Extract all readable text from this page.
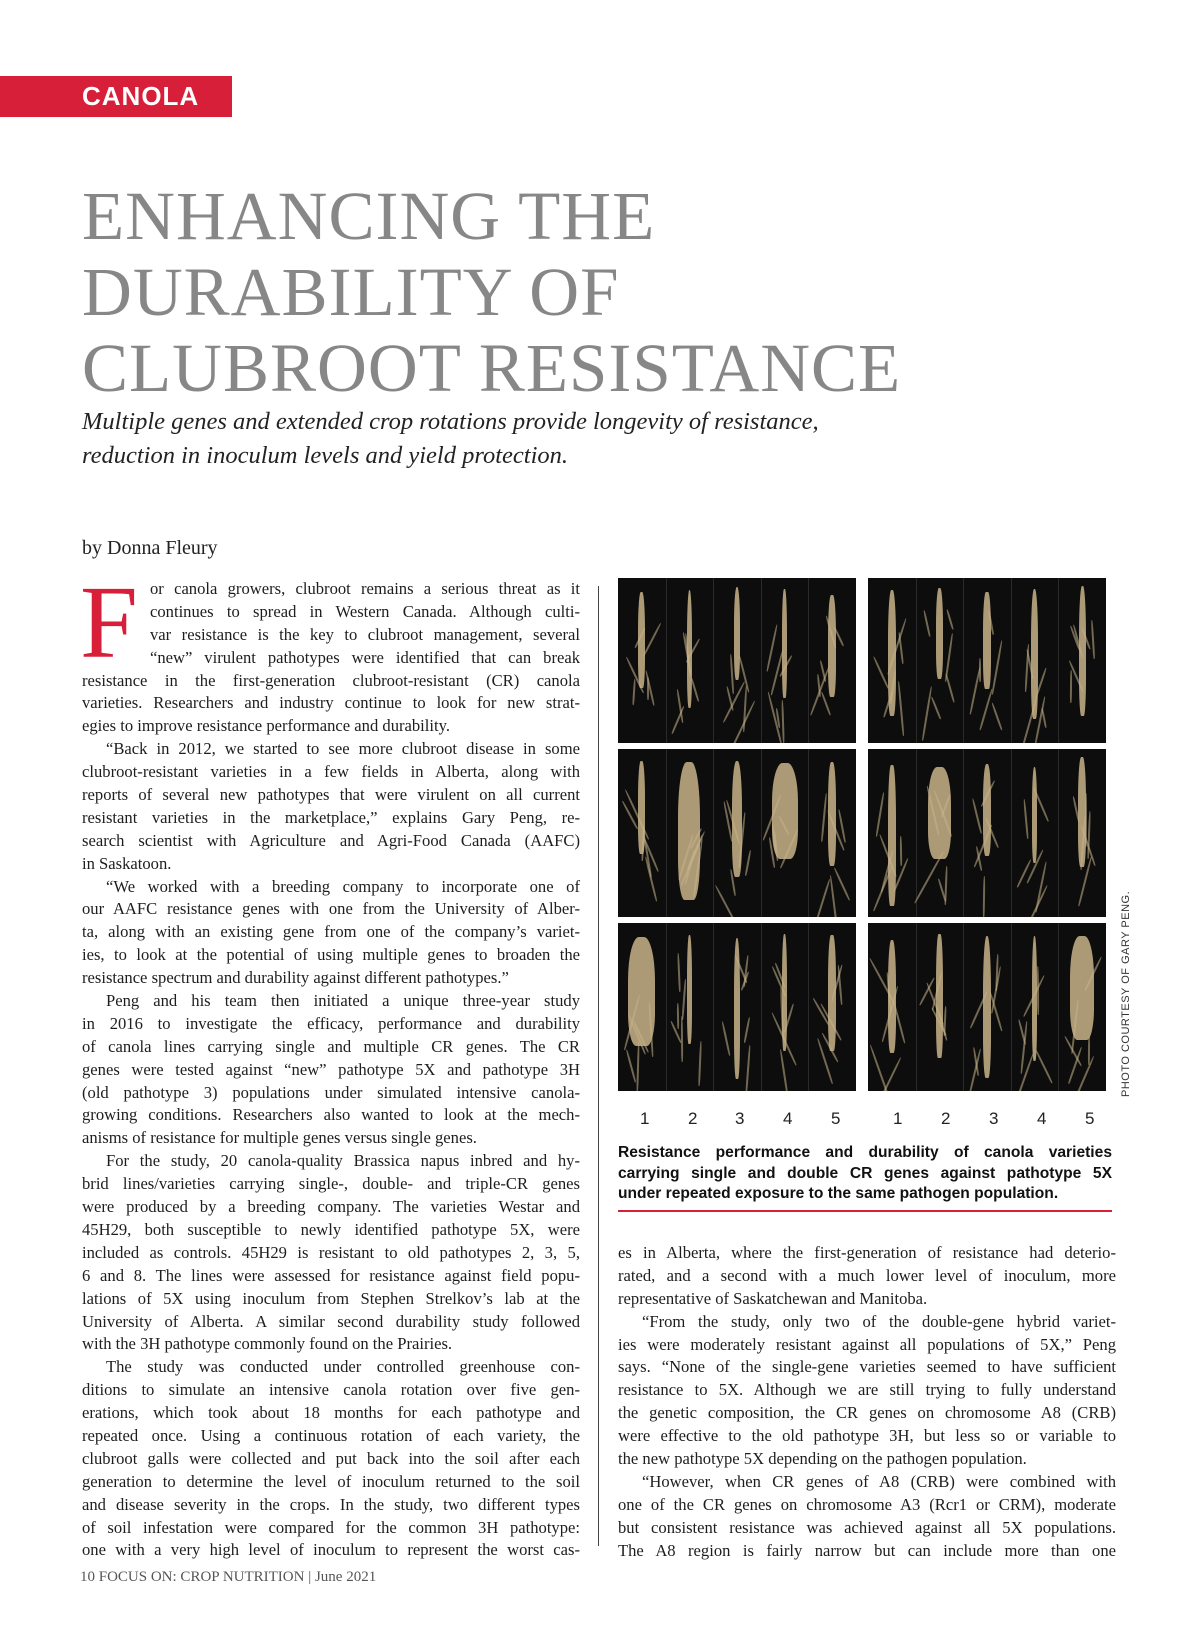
CANOLA
ENHANCING THE
DURABILITY OF
CLUBROOT RESISTANCE
Multiple genes and extended crop rotations provide longevity of resistance,
reduction in inoculum levels and yield protection.
by Donna Fleury
F or canola growers, clubroot remains a serious threat as it
continues to spread in Western Canada. Although culti-
var resistance is the key to clubroot management, several
“new” virulent pathotypes were identified that can break
resistance in the first-generation clubroot-resistant (CR) canola
varieties. Researchers and industry continue to look for new strat-
egies to improve resistance performance and durability.
“Back in 2012, we started to see more clubroot disease in some
clubroot-resistant varieties in a few fields in Alberta, along with
reports of several new pathotypes that were virulent on all current
resistant varieties in the marketplace,” explains Gary Peng, re-
search scientist with Agriculture and Agri-Food Canada (AAFC)
in Saskatoon.
“We worked with a breeding company to incorporate one of
our AAFC resistance genes with one from the University of Alber-
ta, along with an existing gene from one of the company’s variet-
ies, to look at the potential of using multiple genes to broaden the
resistance spectrum and durability against different pathotypes.”
Peng and his team then initiated a unique three-year study
in 2016 to investigate the efficacy, performance and durability
of canola lines carrying single and multiple CR genes. The CR
genes were tested against “new” pathotype 5X and pathotype 3H
(old pathotype 3) populations under simulated intensive canola-
growing conditions. Researchers also wanted to look at the mech-
anisms of resistance for multiple genes versus single genes.
For the study, 20 canola-quality Brassica napus inbred and hy-
brid lines/varieties carrying single-, double- and triple-CR genes
were produced by a breeding company. The varieties Westar and
45H29, both susceptible to newly identified pathotype 5X, were
included as controls. 45H29 is resistant to old pathotypes 2, 3, 5,
6 and 8. The lines were assessed for resistance against field popu-
lations of 5X using inoculum from Stephen Strelkov’s lab at the
University of Alberta. A similar second durability study followed
with the 3H pathotype commonly found on the Prairies.
The study was conducted under controlled greenhouse con-
ditions to simulate an intensive canola rotation over five gen-
erations, which took about 18 months for each pathotype and
repeated once. Using a continuous rotation of each variety, the
clubroot galls were collected and put back into the soil after each
generation to determine the level of inoculum returned to the soil
and disease severity in the crops. In the study, two different types
of soil infestation were compared for the common 3H pathotype:
one with a very high level of inoculum to represent the worst cas-
1 2 3 4 5	1 2 3 4 5
PHOTO COURTESY OF GARY PENG.
Resistance performance and durability of canola varieties
carrying single and double CR genes against pathotype 5X
under repeated exposure to the same pathogen population.
es in Alberta, where the first-generation of resistance had deterio-
rated, and a second with a much lower level of inoculum, more
representative of Saskatchewan and Manitoba.
“From the study, only two of the double-gene hybrid variet-
ies were moderately resistant against all populations of 5X,” Peng
says. “None of the single-gene varieties seemed to have sufficient
resistance to 5X. Although we are still trying to fully understand
the genetic composition, the CR genes on chromosome A8 (CRB)
were effective to the old pathotype 3H, but less so or variable to
the new pathotype 5X depending on the pathogen population.
“However, when CR genes of A8 (CRB) were combined with
one of the CR genes on chromosome A3 (Rcr1 or CRM), moderate
but consistent resistance was achieved against all 5X populations.
The A8 region is fairly narrow but can include more than one
10 FOCUS ON: CROP NUTRITION | June 2021
